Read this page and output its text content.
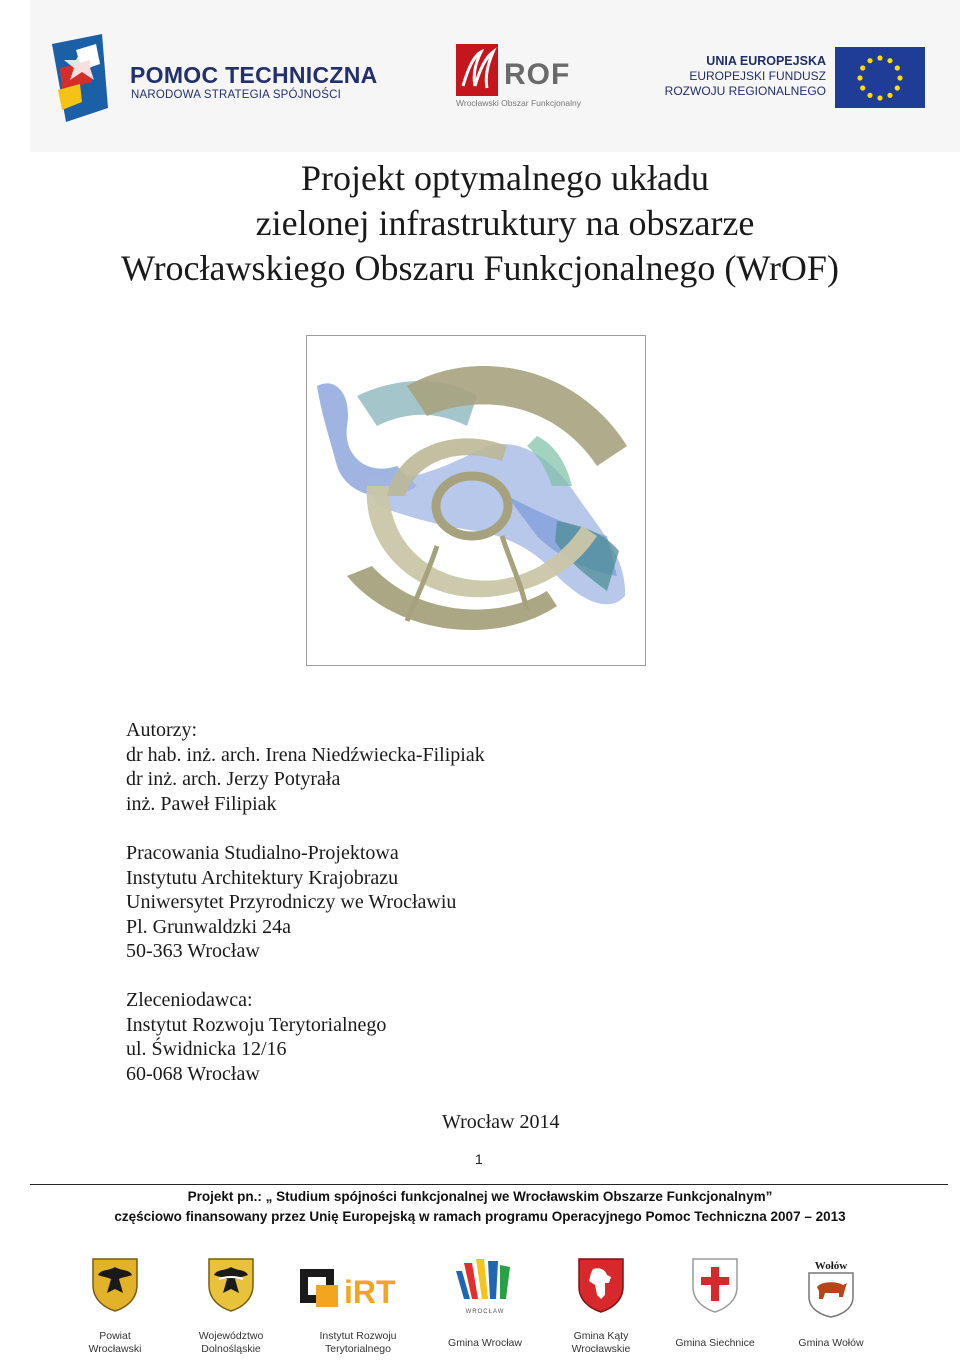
POMOC TECHNICZNA
NARODOWA STRATEGIA SPÓJNOŚCI
ROF
Wrocławski Obszar Funkcjonalny
UNIA EUROPEJSKA
EUROPEJSKI FUNDUSZ
ROZWOJU REGIONALNEGO
Projekt optymalnego układu
zielonej infrastruktury na obszarze
Wrocławskiego Obszaru Funkcjonalnego (WrOF)
Autorzy:
dr hab. inż. arch. Irena Niedźwiecka-Filipiak
dr inż. arch. Jerzy Potyrała
inż. Paweł Filipiak
Pracowania Studialno-Projektowa
Instytutu Architektury Krajobrazu
Uniwersytet Przyrodniczy we Wrocławiu
Pl. Grunwaldzki 24a
50-363 Wrocław
Zleceniodawca:
Instytut Rozwoju Terytorialnego
ul. Świdnicka 12/16
60-068 Wrocław
Wrocław 2014
1
Projekt pn.: „ Studium spójności funkcjonalnej we Wrocławskim Obszarze Funkcjonalnym”
częściowo finansowany przez Unię Europejską w ramach programu Operacyjnego Pomoc Techniczna 2007 – 2013
Powiat
Wrocławski
Województwo
Dolnośląskie
iRT
Instytut Rozwoju
Terytorialnego
WROCŁAW
Gmina Wrocław
Gmina Kąty
Wrocławskie	Gmina Siechnice
Wołów
Gmina Wołów
